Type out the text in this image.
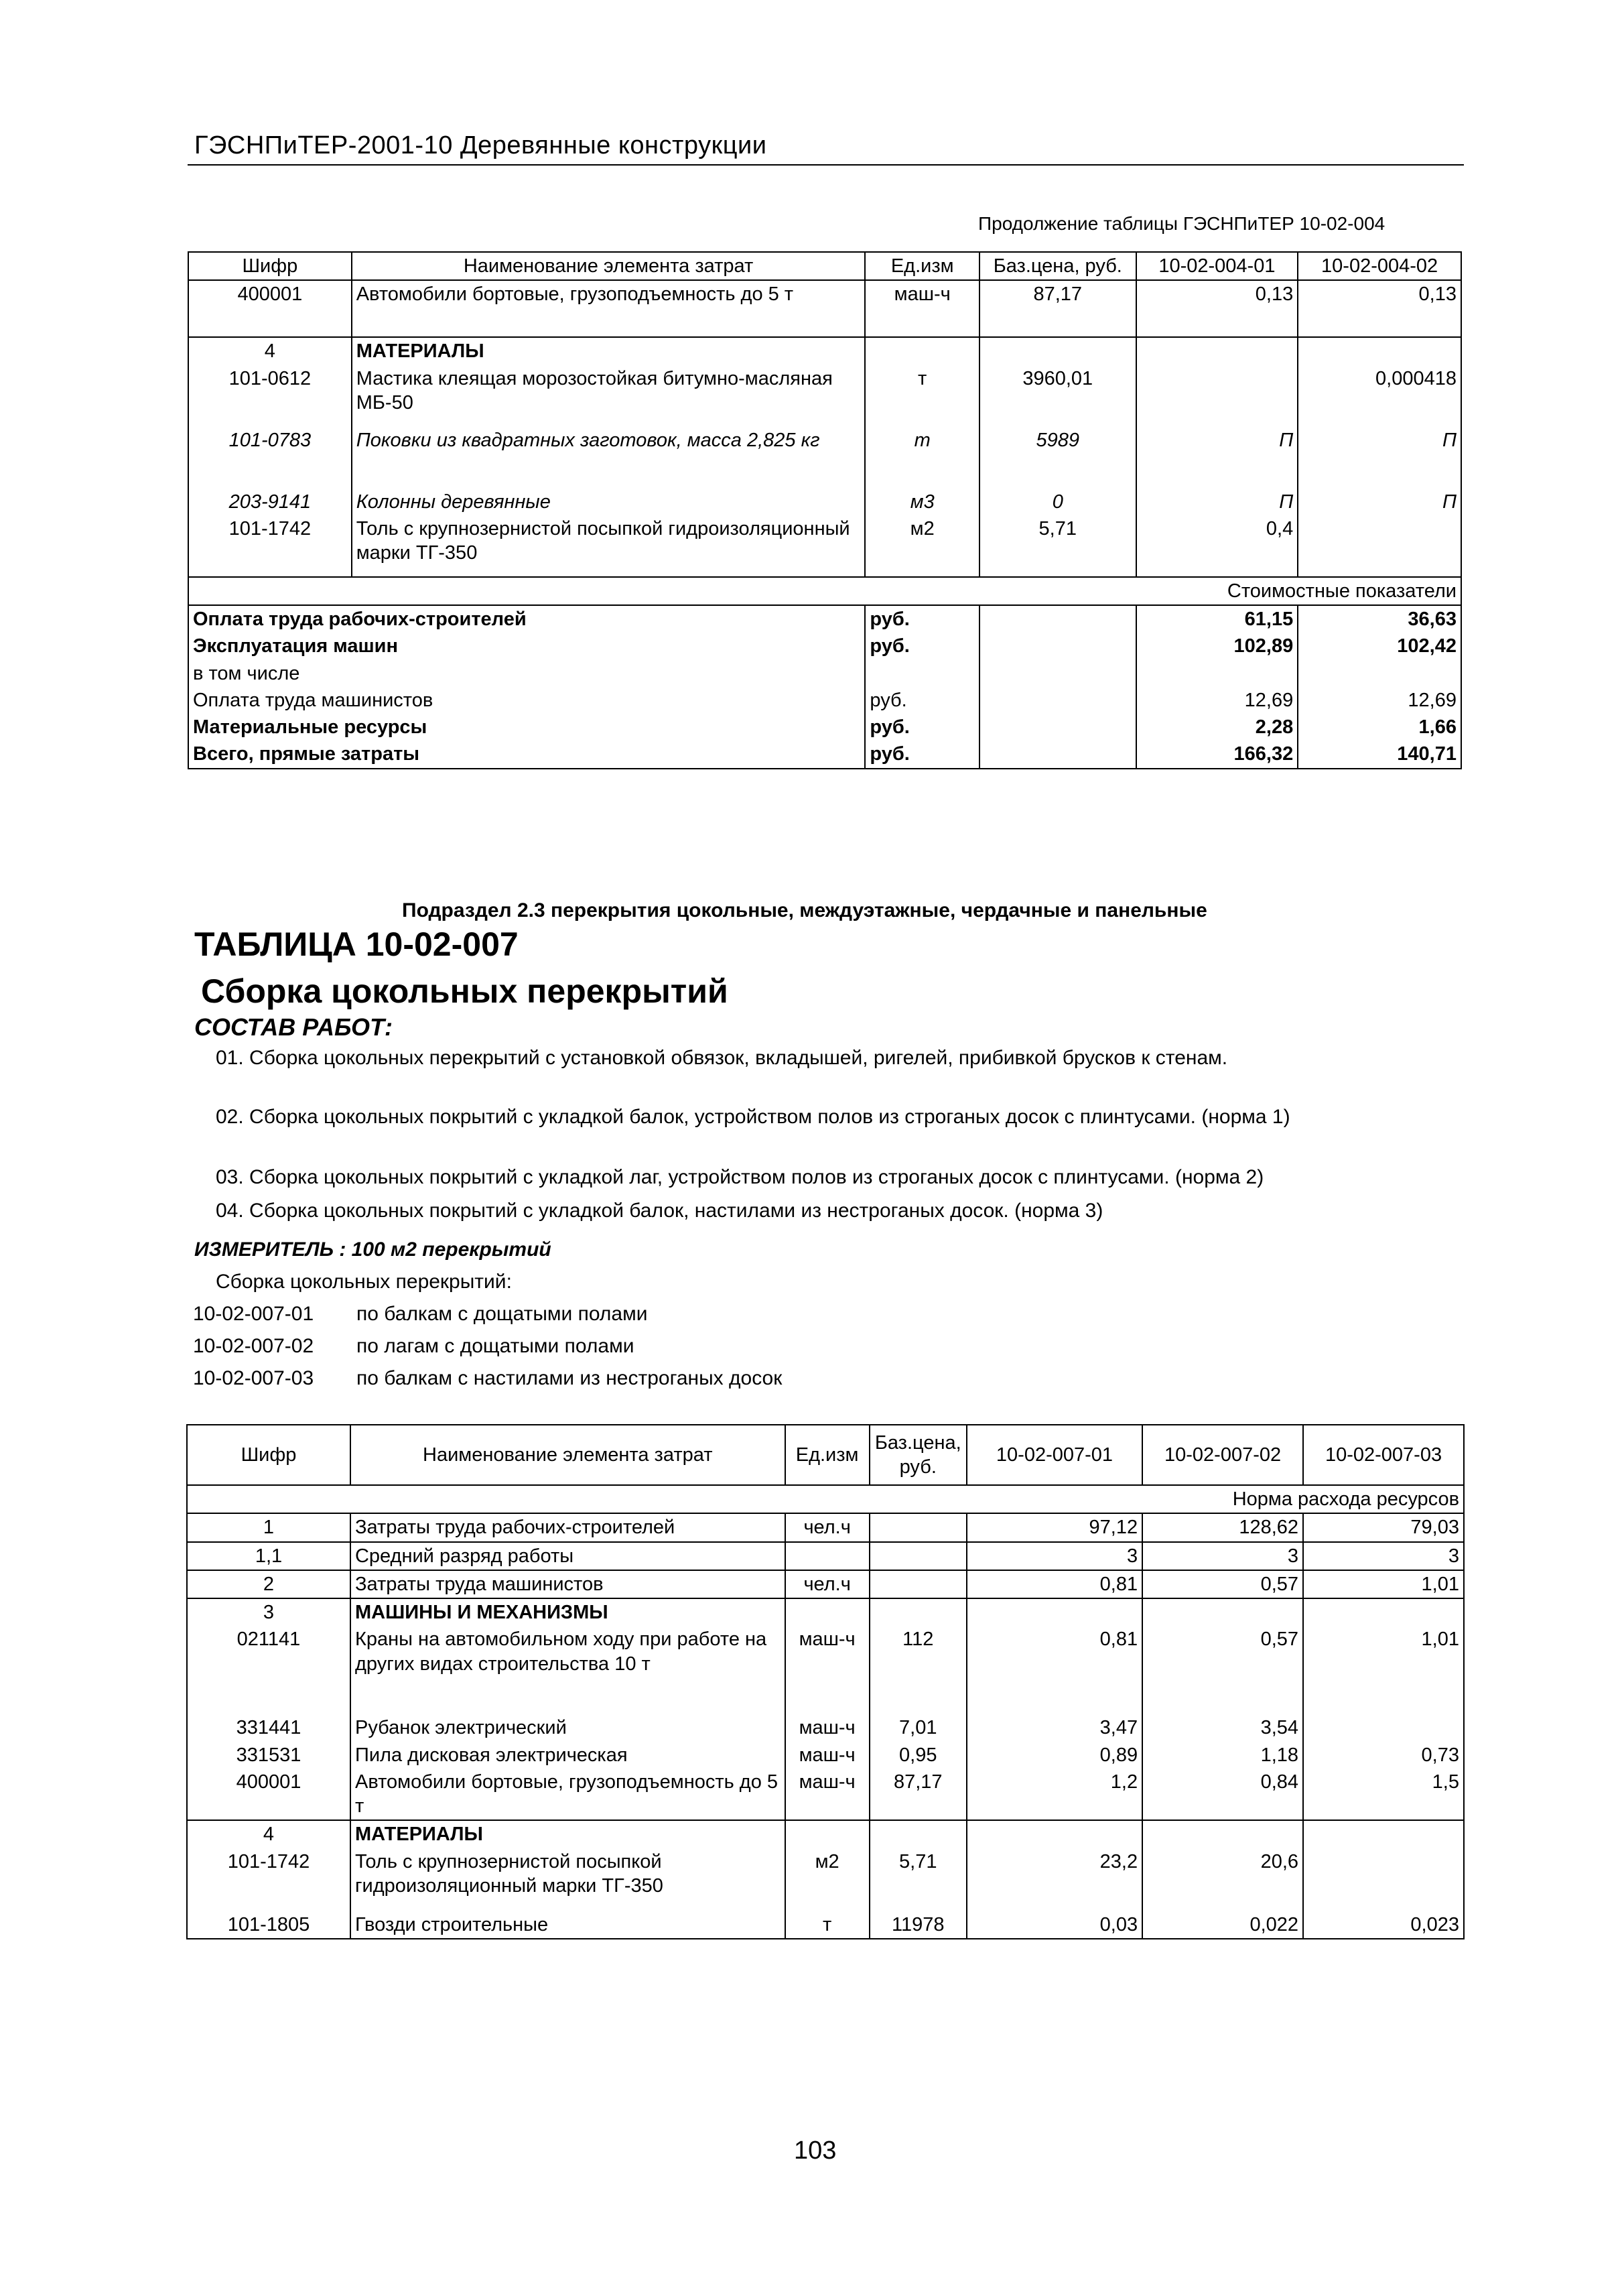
ГЭСНПиТЕР-2001-10 Деревянные конструкции
Продолжение таблицы ГЭСНПиТЕР 10-02-004
Шифр	Наименование элемента затрат	Ед.изм	Баз.цена, руб.	10-02-004-01	10-02-004-02
400001	Автомобили бортовые, грузоподъемность до 5 т	маш-ч	87,17	0,13	0,13
4	МАТЕРИАЛЫ				
101-0612	Мастика клеящая морозостойкая битумно-масляная МБ-50	т	3960,01		0,000418
101-0783	Поковки из квадратных заготовок, масса 2,825 кг	т	5989	П	П
203-9141	Колонны деревянные	м3	0	П	П
101-1742	Толь с крупнозернистой посыпкой гидроизоляционный марки ТГ-350	м2	5,71	0,4	
Стоимостные показатели					
Оплата труда рабочих-строителей		руб.		61,15	36,63
Эксплуатация машин		руб.		102,89	102,42
в том числе					
Оплата труда машинистов		руб.		12,69	12,69
Материальные ресурсы		руб.		2,28	1,66
Всего, прямые затраты		руб.		166,32	140,71
Подраздел 2.3 перекрытия цокольные, междуэтажные, чердачные и панельные
ТАБЛИЦА 10-02-007
Сборка цокольных перекрытий
СОСТАВ РАБОТ:
01. Сборка цокольных перекрытий с установкой обвязок, вкладышей, ригелей, прибивкой брусков к стенам.
02. Сборка цокольных покрытий с укладкой балок, устройством полов из строганых досок с плинтусами. (норма 1)
03. Сборка цокольных покрытий с укладкой лаг, устройством полов из строганых досок с плинтусами. (норма 2)
04. Сборка цокольных покрытий с укладкой балок, настилами из нестроганых досок. (норма 3)
ИЗМЕРИТЕЛЬ : 100 м2 перекрытий
Сборка цокольных перекрытий:
10-02-007-01 по балкам с дощатыми полами
10-02-007-02 по лагам с дощатыми полами
10-02-007-03 по балкам с настилами из нестроганых досок
Шифр	Наименование элемента затрат	Ед.изм	Баз.цена, руб.	10-02-007-01	10-02-007-02	10-02-007-03
Норма расхода ресурсов						
1	Затраты труда рабочих-строителей	чел.ч		97,12	128,62	79,03
1,1	Средний разряд работы			3	3	3
2	Затраты труда машинистов	чел.ч		0,81	0,57	1,01
3	МАШИНЫ И МЕХАНИЗМЫ					
021141	Краны на автомобильном ходу при работе на других видах строительства 10 т	маш-ч	112	0,81	0,57	1,01
331441	Рубанок электрический	маш-ч	7,01	3,47	3,54	
331531	Пила дисковая электрическая	маш-ч	0,95	0,89	1,18	0,73
400001	Автомобили бортовые, грузоподъемность до 5 т	маш-ч	87,17	1,2	0,84	1,5
4	МАТЕРИАЛЫ					
101-1742	Толь с крупнозернистой посыпкой гидроизоляционный марки ТГ-350	м2	5,71	23,2	20,6	
101-1805	Гвозди строительные	т	11978	0,03	0,022	0,023
103
